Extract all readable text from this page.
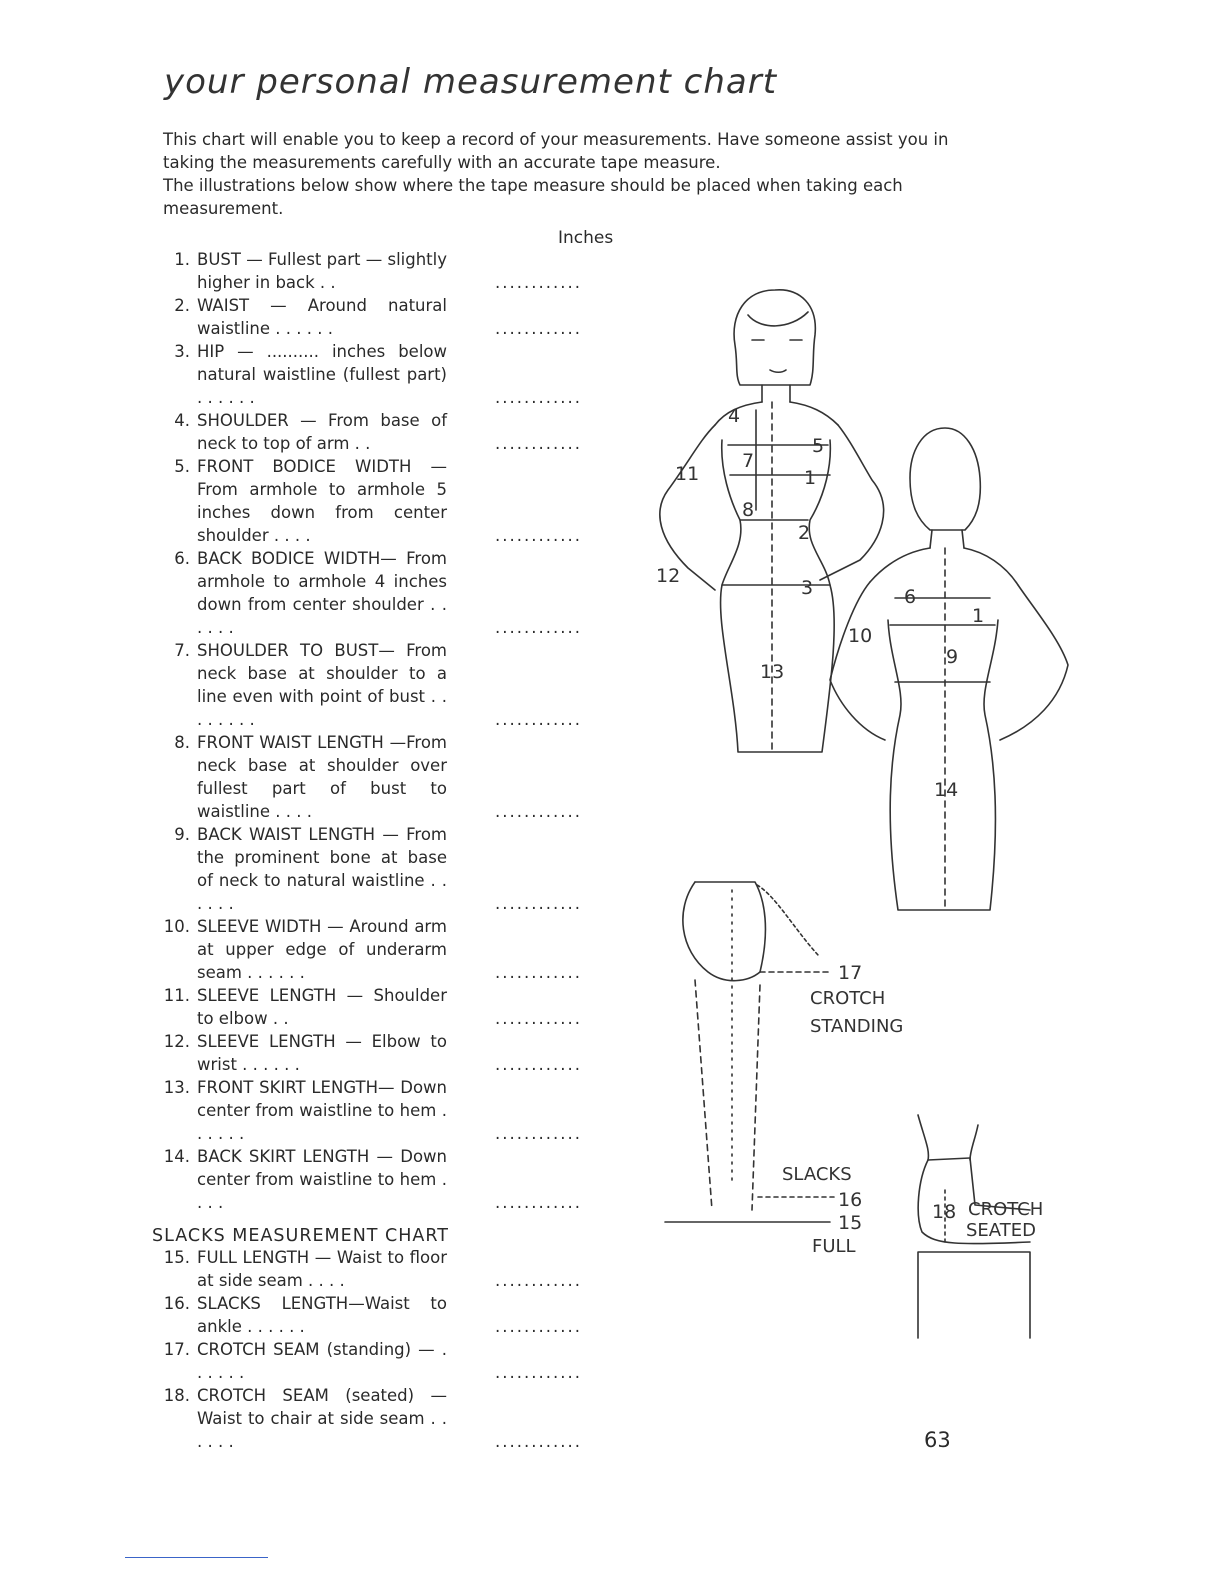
your personal measurement chart

This chart will enable you to keep a record of your measurements. Have someone assist you in taking the measurements carefully with an accurate tape measure.

The illustrations below show where the tape measure should be placed when taking each measurement.

Inches
1. BUST — Fullest part — slightly higher in back . .	............
2. WAIST — Around natural waistline . . . . . .	............
3. HIP — .......... inches below natural waistline (fullest part) . . . . . .	............
4. SHOULDER — From base of neck to top of arm . .	............
5. FRONT BODICE WIDTH — From armhole to armhole 5 inches down from center shoulder . . . .	............
6. BACK BODICE WIDTH— From armhole to armhole 4 inches down from center shoulder . . . . . .	............
7. SHOULDER TO BUST— From neck base at shoulder to a line even with point of bust . . . . . . . .	............
8. FRONT WAIST LENGTH —From neck base at shoulder over fullest part of bust to waistline . . . .	............
9. BACK WAIST LENGTH — From the prominent bone at base of neck to natural waistline . . . . . .	............
10. SLEEVE WIDTH — Around arm at upper edge of underarm seam . . . . . .	............
11. SLEEVE LENGTH — Shoulder to elbow . .	............
12. SLEEVE LENGTH — Elbow to wrist . . . . . .	............
13. FRONT SKIRT LENGTH— Down center from waistline to hem . . . . . .	............
14. BACK SKIRT LENGTH — Down center from waistline to hem . . . .	............
SLACKS MEASUREMENT CHART
15. FULL LENGTH — Waist to floor at side seam . . . .	............
16. SLACKS LENGTH—Waist to ankle . . . . . .	............
17. CROTCH SEAM (standing) — . . . . . .	............
18. CROTCH SEAM (seated) — Waist to chair at side seam . . . . . .	............
4
5
1
7
11
8
2
12
3
13
6
1
10
9
14
17
CROTCH
STANDING
SLACKS
16
15
FULL
18 CROTCH
SEATED
63
